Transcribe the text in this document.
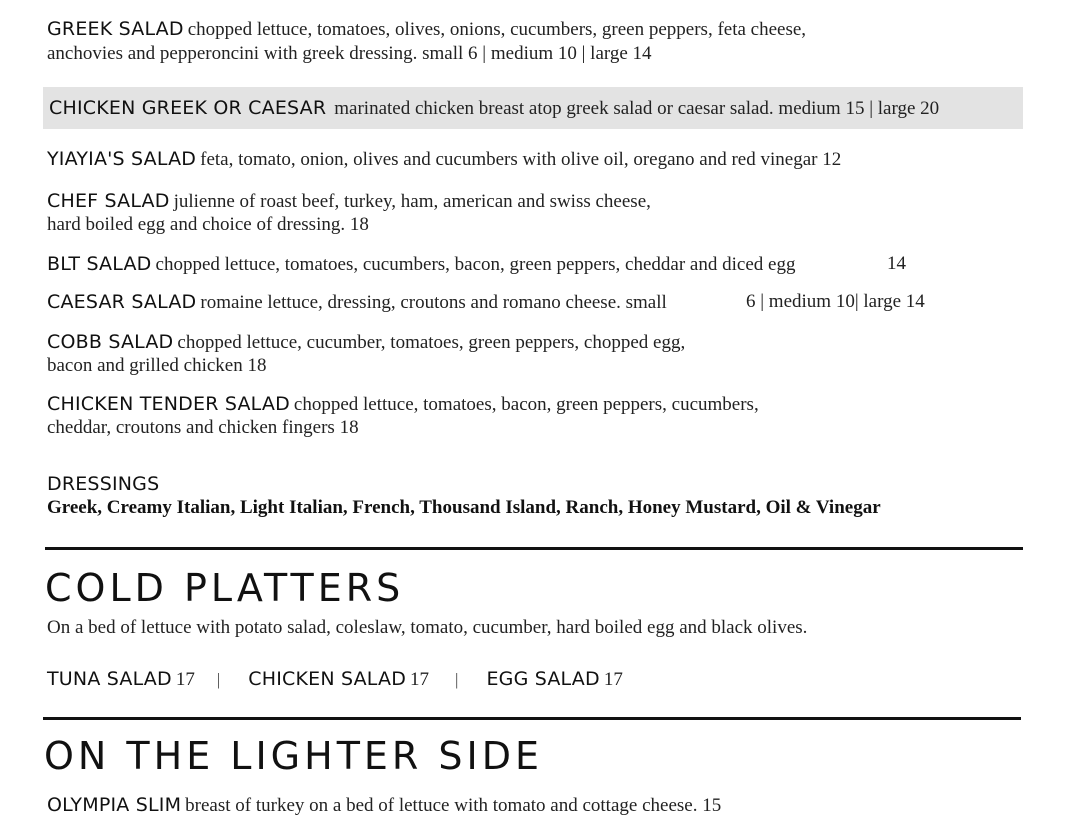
GREEK SALAD chopped lettuce, tomatoes, olives, onions, cucumbers, green peppers, feta cheese,
anchovies and pepperoncini with greek dressing. small 6 | medium 10 | large 14
CHICKEN GREEK OR CAESAR marinated chicken breast atop greek salad or caesar salad. medium 15 | large 20
YIAYIA'S SALAD feta, tomato, onion, olives and cucumbers with olive oil, oregano and red vinegar 12
CHEF SALAD julienne of roast beef, turkey, ham, american and swiss cheese,
hard boiled egg and choice of dressing. 18
BLT SALAD chopped lettuce, tomatoes, cucumbers, bacon, green peppers, cheddar and diced egg	14
CAESAR SALAD romaine lettuce, dressing, croutons and romano cheese. small	6 | medium 10| large 14
COBB SALAD chopped lettuce, cucumber, tomatoes, green peppers, chopped egg,
bacon and grilled chicken 18
CHICKEN TENDER SALAD chopped lettuce, tomatoes, bacon, green peppers, cucumbers,
cheddar, croutons and chicken fingers 18
DRESSINGS
Greek, Creamy Italian, Light Italian, French, Thousand Island, Ranch, Honey Mustard, Oil & Vinegar
COLD PLATTERS
On a bed of lettuce with potato salad, coleslaw, tomato, cucumber, hard boiled egg and black olives.
TUNA SALAD 17 | CHICKEN SALAD 17 | EGG SALAD 17
ON THE LIGHTER SIDE
OLYMPIA SLIM breast of turkey on a bed of lettuce with tomato and cottage cheese. 15
